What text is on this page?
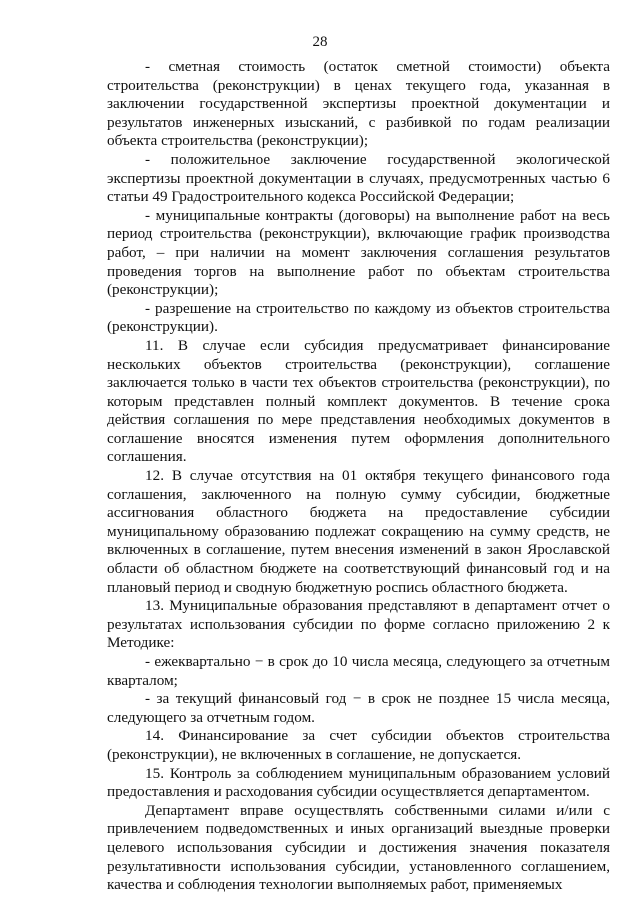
28

- сметная стоимость (остаток сметной стоимости) объекта строительства (реконструкции) в ценах текущего года, указанная в заключении государственной экспертизы проектной документации и результатов инженерных изысканий, с разбивкой по годам реализации объекта строительства (реконструкции);

- положительное заключение государственной экологической экспертизы проектной документации в случаях, предусмотренных частью 6 статьи 49 Градостроительного кодекса Российской Федерации;

- муниципальные контракты (договоры) на выполнение работ на весь период строительства (реконструкции), включающие график производства работ, – при наличии на момент заключения соглашения результатов проведения торгов на выполнение работ по объектам строительства (реконструкции);

- разрешение на строительство по каждому из объектов строительства (реконструкции).

11. В случае если субсидия предусматривает финансирование нескольких объектов строительства (реконструкции), соглашение заключается только в части тех объектов строительства (реконструкции), по которым представлен полный комплект документов. В течение срока действия соглашения по мере представления необходимых документов в соглашение вносятся изменения путем оформления дополнительного соглашения.

12. В случае отсутствия на 01 октября текущего финансового года соглашения, заключенного на полную сумму субсидии, бюджетные ассигнования областного бюджета на предоставление субсидии муниципальному образованию подлежат сокращению на сумму средств, не включенных в соглашение, путем внесения изменений в закон Ярославской области об областном бюджете на соответствующий финансовый год и на плановый период и сводную бюджетную роспись областного бюджета.

13. Муниципальные образования представляют в департамент отчет о результатах использования субсидии по форме согласно приложению 2 к Методике:

- ежеквартально − в срок до 10 числа месяца, следующего за отчетным кварталом;

- за текущий финансовый год − в срок не позднее 15 числа месяца, следующего за отчетным годом.

14. Финансирование за счет субсидии объектов строительства (реконструкции), не включенных в соглашение, не допускается.

15. Контроль за соблюдением муниципальным образованием условий предоставления и расходования субсидии осуществляется департаментом.

Департамент вправе осуществлять собственными силами и/или с привлечением подведомственных и иных организаций выездные проверки целевого использования субсидии и достижения значения показателя результативности использования субсидии, установленного соглашением, качества и соблюдения технологии выполняемых работ, применяемых
